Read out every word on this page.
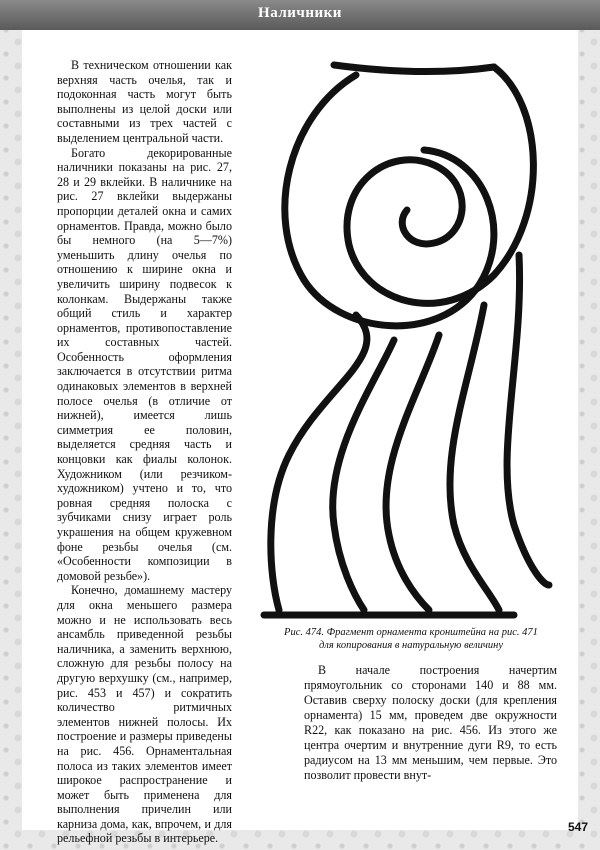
Наличники

В техническом отношении как верхняя часть очелья, так и подоконная часть могут быть выполнены из целой доски или составными из трех частей с выделением центральной части.

Богато декорированные наличники показаны на рис. 27, 28 и 29 вклейки. В наличнике на рис. 27 вклейки выдержаны пропорции деталей окна и самих орнаментов. Правда, можно было бы немного (на 5—7%) уменьшить длину очелья по отношению к ширине окна и увеличить ширину подвесок к колонкам. Выдержаны также общий стиль и характер орнаментов, противопоставление их составных частей. Особенность оформления заключается в отсутствии ритма одинаковых элементов в верхней полосе очелья (в отличие от нижней), имеется лишь симметрия ее половин, выделяется средняя часть и концовки как фиалы колонок. Художником (или резчиком-художником) учтено и то, что ровная средняя полоска с зубчиками снизу играет роль украшения на общем кружевном фоне резьбы очелья (см. «Особенности композиции в домовой резьбе»).

Конечно, домашнему мастеру для окна меньшего размера можно и не использовать весь ансамбль приведенной резьбы наличника, а заменить верхнюю, сложную для резьбы полосу на другую верхушку (см., например, рис. 453 и 457) и сократить количество ритмичных элементов нижней полосы. Их построение и размеры приведены на рис. 456. Орнаментальная полоса из таких элементов имеет широкое распространение и может быть применена для выполнения причелин или карниза дома, как, впрочем, и для рельефной резьбы в интерьере.

Рис. 474. Фрагмент орнамента кронштейна на рис. 471 для копирования в натуральную величину

В начале построения начертим прямоугольник со сторонами 140 и 88 мм. Оставив сверху полоску доски (для крепления орнамента) 15 мм, проведем две окружности R22, как показано на рис. 456. Из этого же центра очертим и внутренние дуги R9, то есть радиусом на 13 мм меньшим, чем первые. Это позволит провести внут-

547
